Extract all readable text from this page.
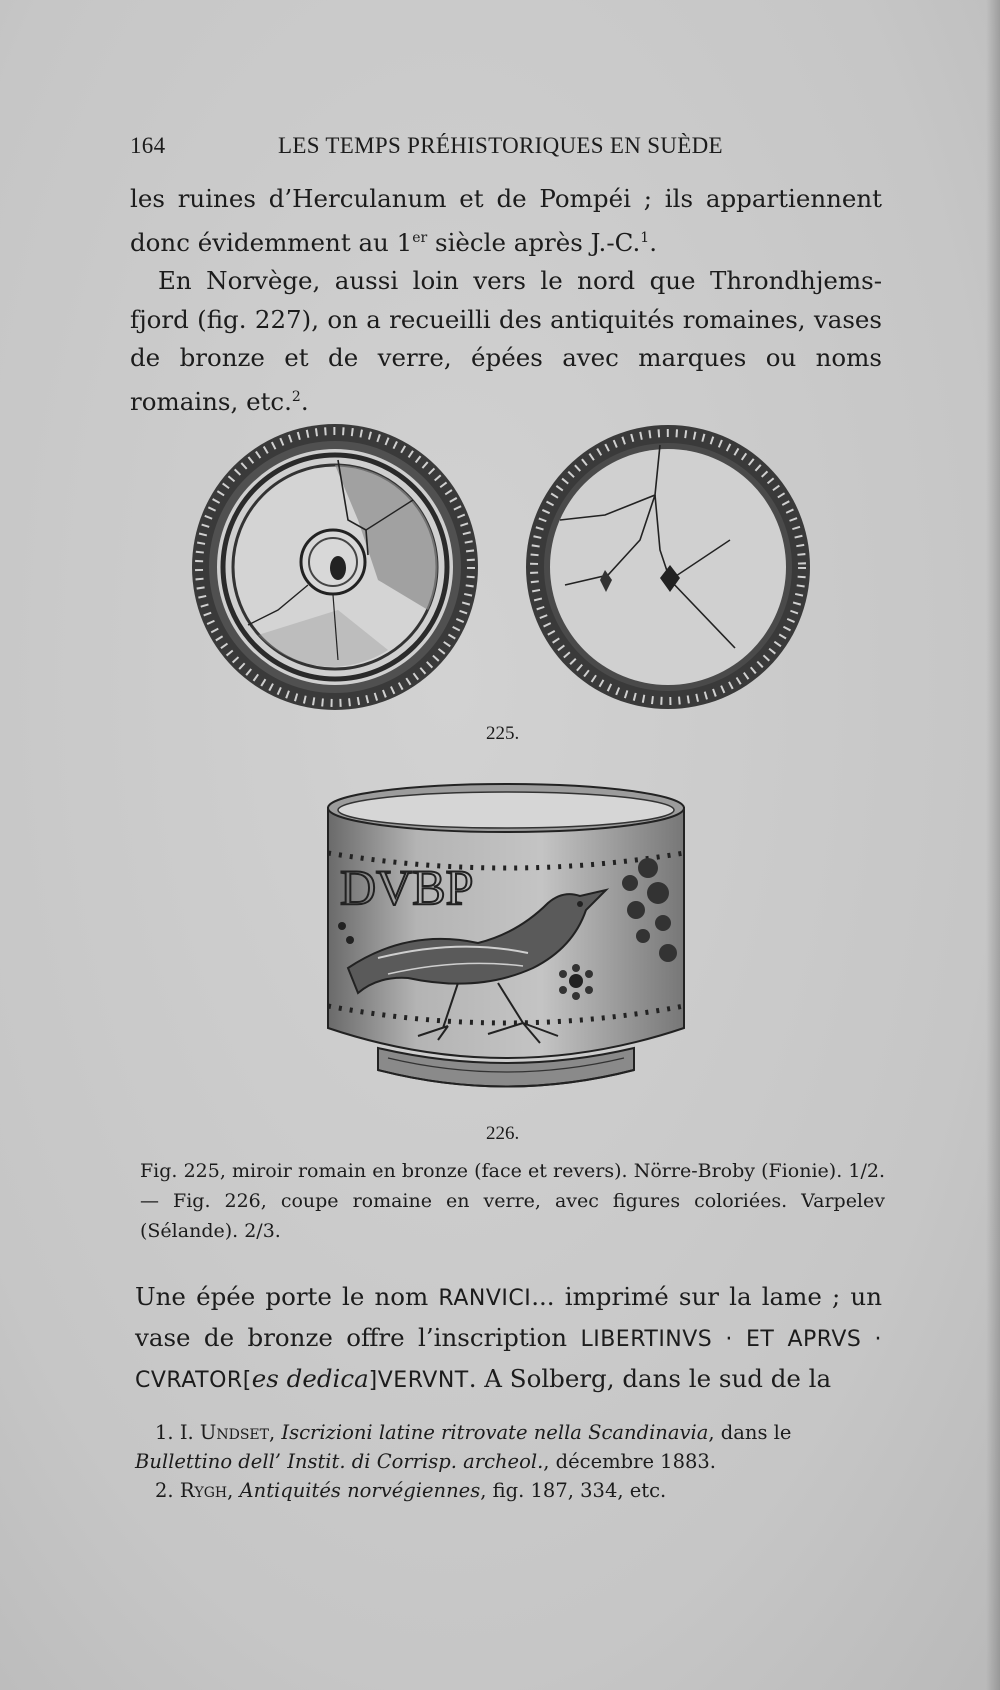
164	LES TEMPS PRÉHISTORIQUES EN SUÈDE

les ruines d’Herculanum et de Pompéi ; ils appartiennent donc évidemment au 1er siècle après J.-C.$^1$.

En Norvège, aussi loin vers le nord que Throndhjems-fjord (fig. 227), on a recueilli des antiquités romaines, vases de bronze et de verre, épées avec marques ou noms romains, etc.$^2$.

225.
DVBP
226.
Fig. 225, miroir romain en bronze (face et revers). Nörre-Broby (Fionie). 1/2. — Fig. 226, coupe romaine en verre, avec figures coloriées. Varpelev (Sélande). 2/3.
Une épée porte le nom RANVICI... imprimé sur la lame ; un vase de bronze offre l’inscription LIBERTINVS · ET APRVS · CVRATOR[es dedica]VERVNT. A Solberg, dans le sud de la

1. I. Undset, Iscrizioni latine ritrovate nella Scandinavia, dans le Bullettino dell’ Instit. di Corrisp. archeol., décembre 1883.

2. Rygh, Antiquités norvégiennes, fig. 187, 334, etc.
